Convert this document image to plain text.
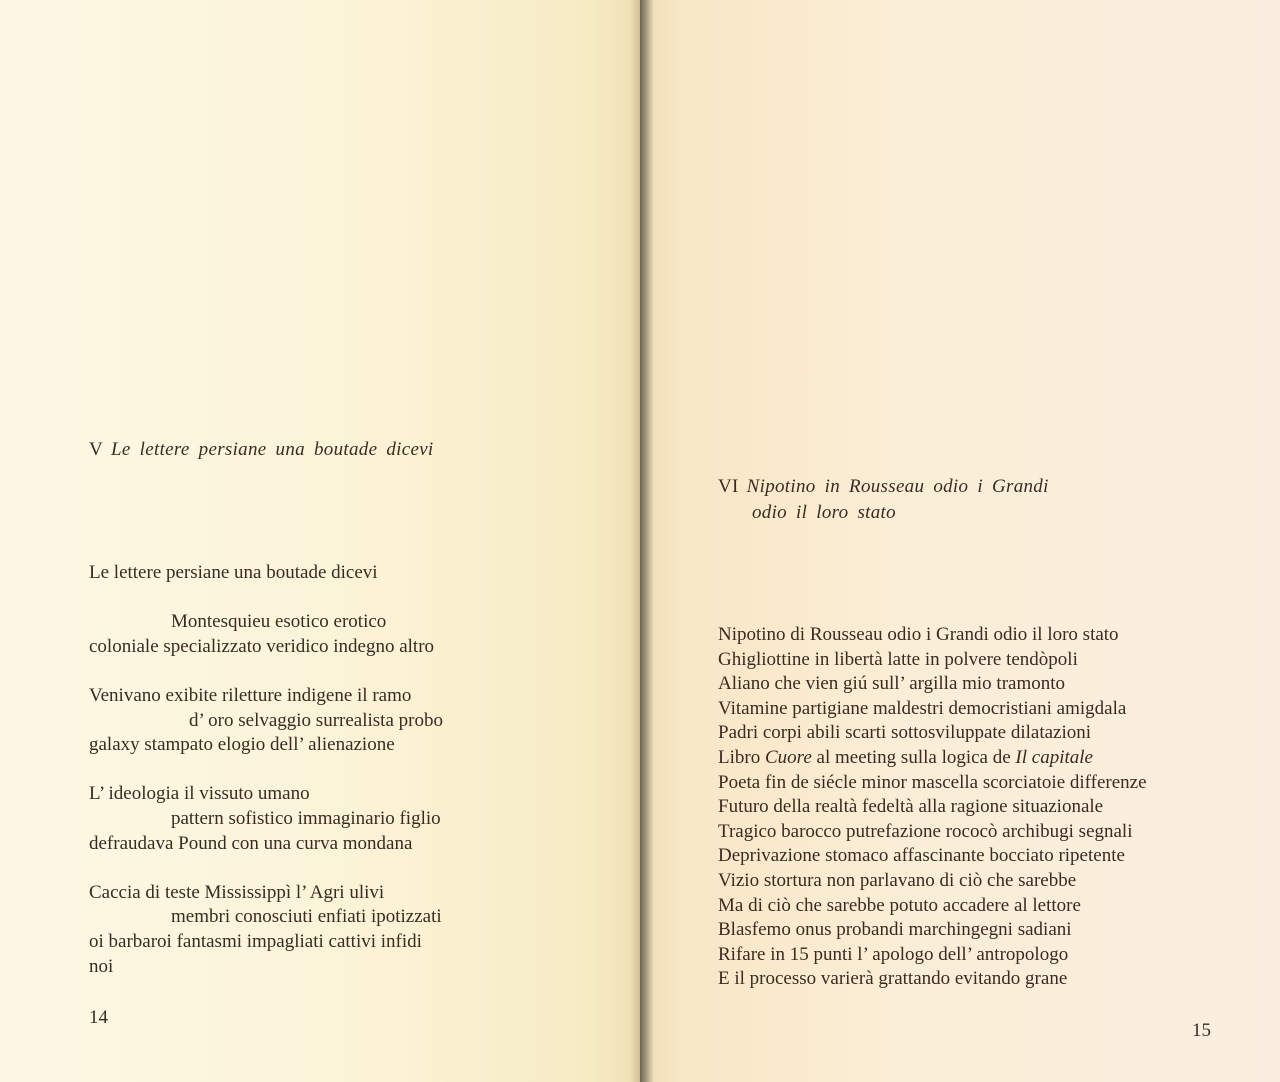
V Le lettere persiane una boutade dicevi
Le lettere persiane una boutade dicevi
Montesquieu esotico erotico
coloniale specializzato veridico indegno altro
Venivano exibite riletture indigene il ramo
d’ oro selvaggio surrealista probo
galaxy stampato elogio dell’ alienazione
L’ ideologia il vissuto umano
pattern sofistico immaginario figlio
defraudava Pound con una curva mondana
Caccia di teste Mississippì l’ Agri ulivi
membri conosciuti enfiati ipotizzati
oi barbaroi fantasmi impagliati cattivi infidi
noi
14
VI Nipotino in Rousseau odio i Grandi
odio il loro stato
Nipotino di Rousseau odio i Grandi odio il loro stato
Ghigliottine in libertà latte in polvere tendòpoli
Aliano che vien giú sull’ argilla mio tramonto
Vitamine partigiane maldestri democristiani amigdala
Padri corpi abili scarti sottosviluppate dilatazioni
Libro Cuore al meeting sulla logica de Il capitale
Poeta fin de siécle minor mascella scorciatoie differenze
Futuro della realtà fedeltà alla ragione situazionale
Tragico barocco putrefazione rococò archibugi segnali
Deprivazione stomaco affascinante bocciato ripetente
Vizio stortura non parlavano di ciò che sarebbe
Ma di ciò che sarebbe potuto accadere al lettore
Blasfemo onus probandi marchingegni sadiani
Rifare in 15 punti l’ apologo dell’ antropologo
E il processo varierà grattando evitando grane
15
